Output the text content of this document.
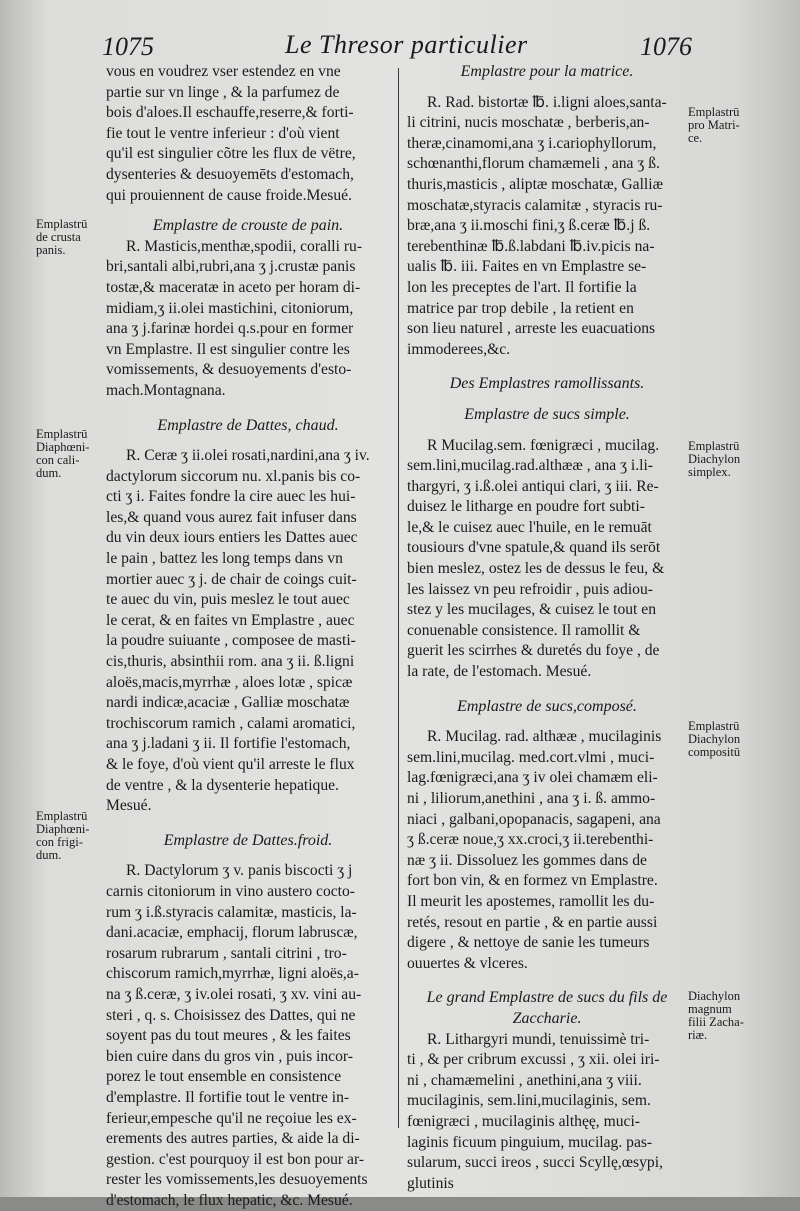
1075	Le Thresor particulier	1076
vous en voudrez vser estendez en vne
partie sur vn linge , & la parfumez de
bois d'aloes.Il eschauffe,reserre,& forti-
fie tout le ventre inferieur : d'où vient
qu'il est singulier cõtre les flux de vëtre,
dysenteries & desuoyemēts d'estomach,
qui prouiennent de cause froide.Mesué.
Emplastre de crouste de pain.
R. Masticis,menthæ,spodii, coralli ru-
bri,santali albi,rubri,ana ʒ j.crustæ panis
tostæ,& maceratæ in aceto per horam di-
midiam,ʒ ii.olei mastichini, citoniorum,
ana ʒ j.farinæ hordei q.s.pour en former
vn Emplastre. Il est singulier contre les
vomissements, & desuoyements d'esto-
mach.Montagnana.
Emplastre de Dattes, chaud.
R. Ceræ ʒ ii.olei rosati,nardini,ana ʒ iv.
dactylorum siccorum nu. xl.panis bis co-
cti ʒ i. Faites fondre la cire auec les hui-
les,& quand vous aurez fait infuser dans
du vin deux iours entiers les Dattes auec
le pain , battez les long temps dans vn
mortier auec ʒ j. de chair de coings cuit-
te auec du vin, puis meslez le tout auec
le cerat, & en faites vn Emplastre , auec
la poudre suiuante , composee de masti-
cis,thuris, absinthii rom. ana ʒ ii. ß.ligni
aloës,macis,myrrhæ , aloes lotæ , spicæ
nardi indicæ,acaciæ , Galliæ moschatæ
trochiscorum ramich , calami aromatici,
ana ʒ j.ladani ʒ ii. Il fortifie l'estomach,
& le foye, d'où vient qu'il arreste le flux
de ventre , & la dysenterie hepatique.
Mesué.
Emplastre de Dattes.froid.
R. Dactylorum ʒ v. panis biscocti ʒ j
carnis citoniorum in vino austero cocto-
rum ʒ i.ß.styracis calamitæ, masticis, la-
dani.acaciæ, emphacij, florum labruscæ,
rosarum rubrarum , santali citrini , tro-
chiscorum ramich,myrrhæ, ligni aloës,a-
na ʒ ß.ceræ, ʒ iv.olei rosati, ʒ xv. vini au-
steri , q. s. Choisissez des Dattes, qui ne
soyent pas du tout meures , & les faites
bien cuire dans du gros vin , puis incor-
porez le tout ensemble en consistence
d'emplastre. Il fortifie tout le ventre in-
ferieur,empesche qu'il ne reçoiue les ex-
erements des autres parties, & aide la di-
gestion. c'est pourquoy il est bon pour ar-
rester les vomissements,les desuoyements
d'estomach, le flux hepatic, &c. Mesué.
Emplastre pour la matrice.
R. Rad. bistortæ ℔. i.ligni aloes,santa-
li citrini, nucis moschatæ , berberis,an-
theræ,cinamomi,ana ʒ i.cariophyllorum,
schœnanthi,florum chamæmeli , ana ʒ ß.
thuris,masticis , aliptæ moschatæ, Galliæ
moschatæ,styracis calamitæ , styracis ru-
bræ,ana ʒ ii.moschi fini,ʒ ß.ceræ ℔.j ß.
terebenthinæ ℔.ß.labdani ℔.iv.picis na-
ualis ℔. iii. Faites en vn Emplastre se-
lon les preceptes de l'art. Il fortifie la
matrice par trop debile , la retient en
son lieu naturel , arreste les euacuations
immoderees,&c.
Des Emplastres ramollissants.
Emplastre de sucs simple.
R Mucilag.sem. fœnigræci , mucilag.
sem.lini,mucilag.rad.althææ , ana ʒ i.li-
thargyri, ʒ i.ß.olei antiqui clari, ʒ iii. Re-
duisez le litharge en poudre fort subti-
le,& le cuisez auec l'huile, en le remuāt
tousiours d'vne spatule,& quand ils serōt
bien meslez, ostez les de dessus le feu, &
les laissez vn peu refroidir , puis adiou-
stez y les mucilages, & cuisez le tout en
conuenable consistence. Il ramollit &
guerit les scirrhes & duretés du foye , de
la rate, de l'estomach. Mesué.
Emplastre de sucs,composé.
R. Mucilag. rad. althææ , mucilaginis
sem.lini,mucilag. med.cort.vlmi , muci-
lag.fœnigræci,ana ʒ iv olei chamæm eli-
ni , liliorum,anethini , ana ʒ i. ß. ammo-
niaci , galbani,opopanacis, sagapeni, ana
ʒ ß.ceræ noue,ʒ xx.croci,ʒ ii.terebenthi-
næ ʒ ii. Dissoluez les gommes dans de
fort bon vin, & en formez vn Emplastre.
Il meurit les apostemes, ramollit les du-
retés, resout en partie , & en partie aussi
digere , & nettoye de sanie les tumeurs
ouuertes & vlceres.
Le grand Emplastre de sucs du fils de
Zaccharie.
R. Lithargyri mundi, tenuissimè tri-
ti , & per cribrum excussi , ʒ xii. olei iri-
ni , chamæmelini , anethini,ana ʒ viii.
mucilaginis, sem.lini,mucilaginis, sem.
fœnigræci , mucilaginis althęę, muci-
laginis ficuum pinguium, mucilag. pas-
sularum, succi ireos , succi Scyllę,œsypi,
glutinis
Emplastrū
de crusta
panis.
Emplastrū
Diaphœni-
con cali-
dum.
Emplastrū
Diaphœni-
con frigi-
dum.
Emplastrū
pro Matri-
ce.
Emplastrū
Diachylon
simplex.
Emplastrū
Diachylon
compositū
Diachylon
magnum
filii Zacha-
riæ.
